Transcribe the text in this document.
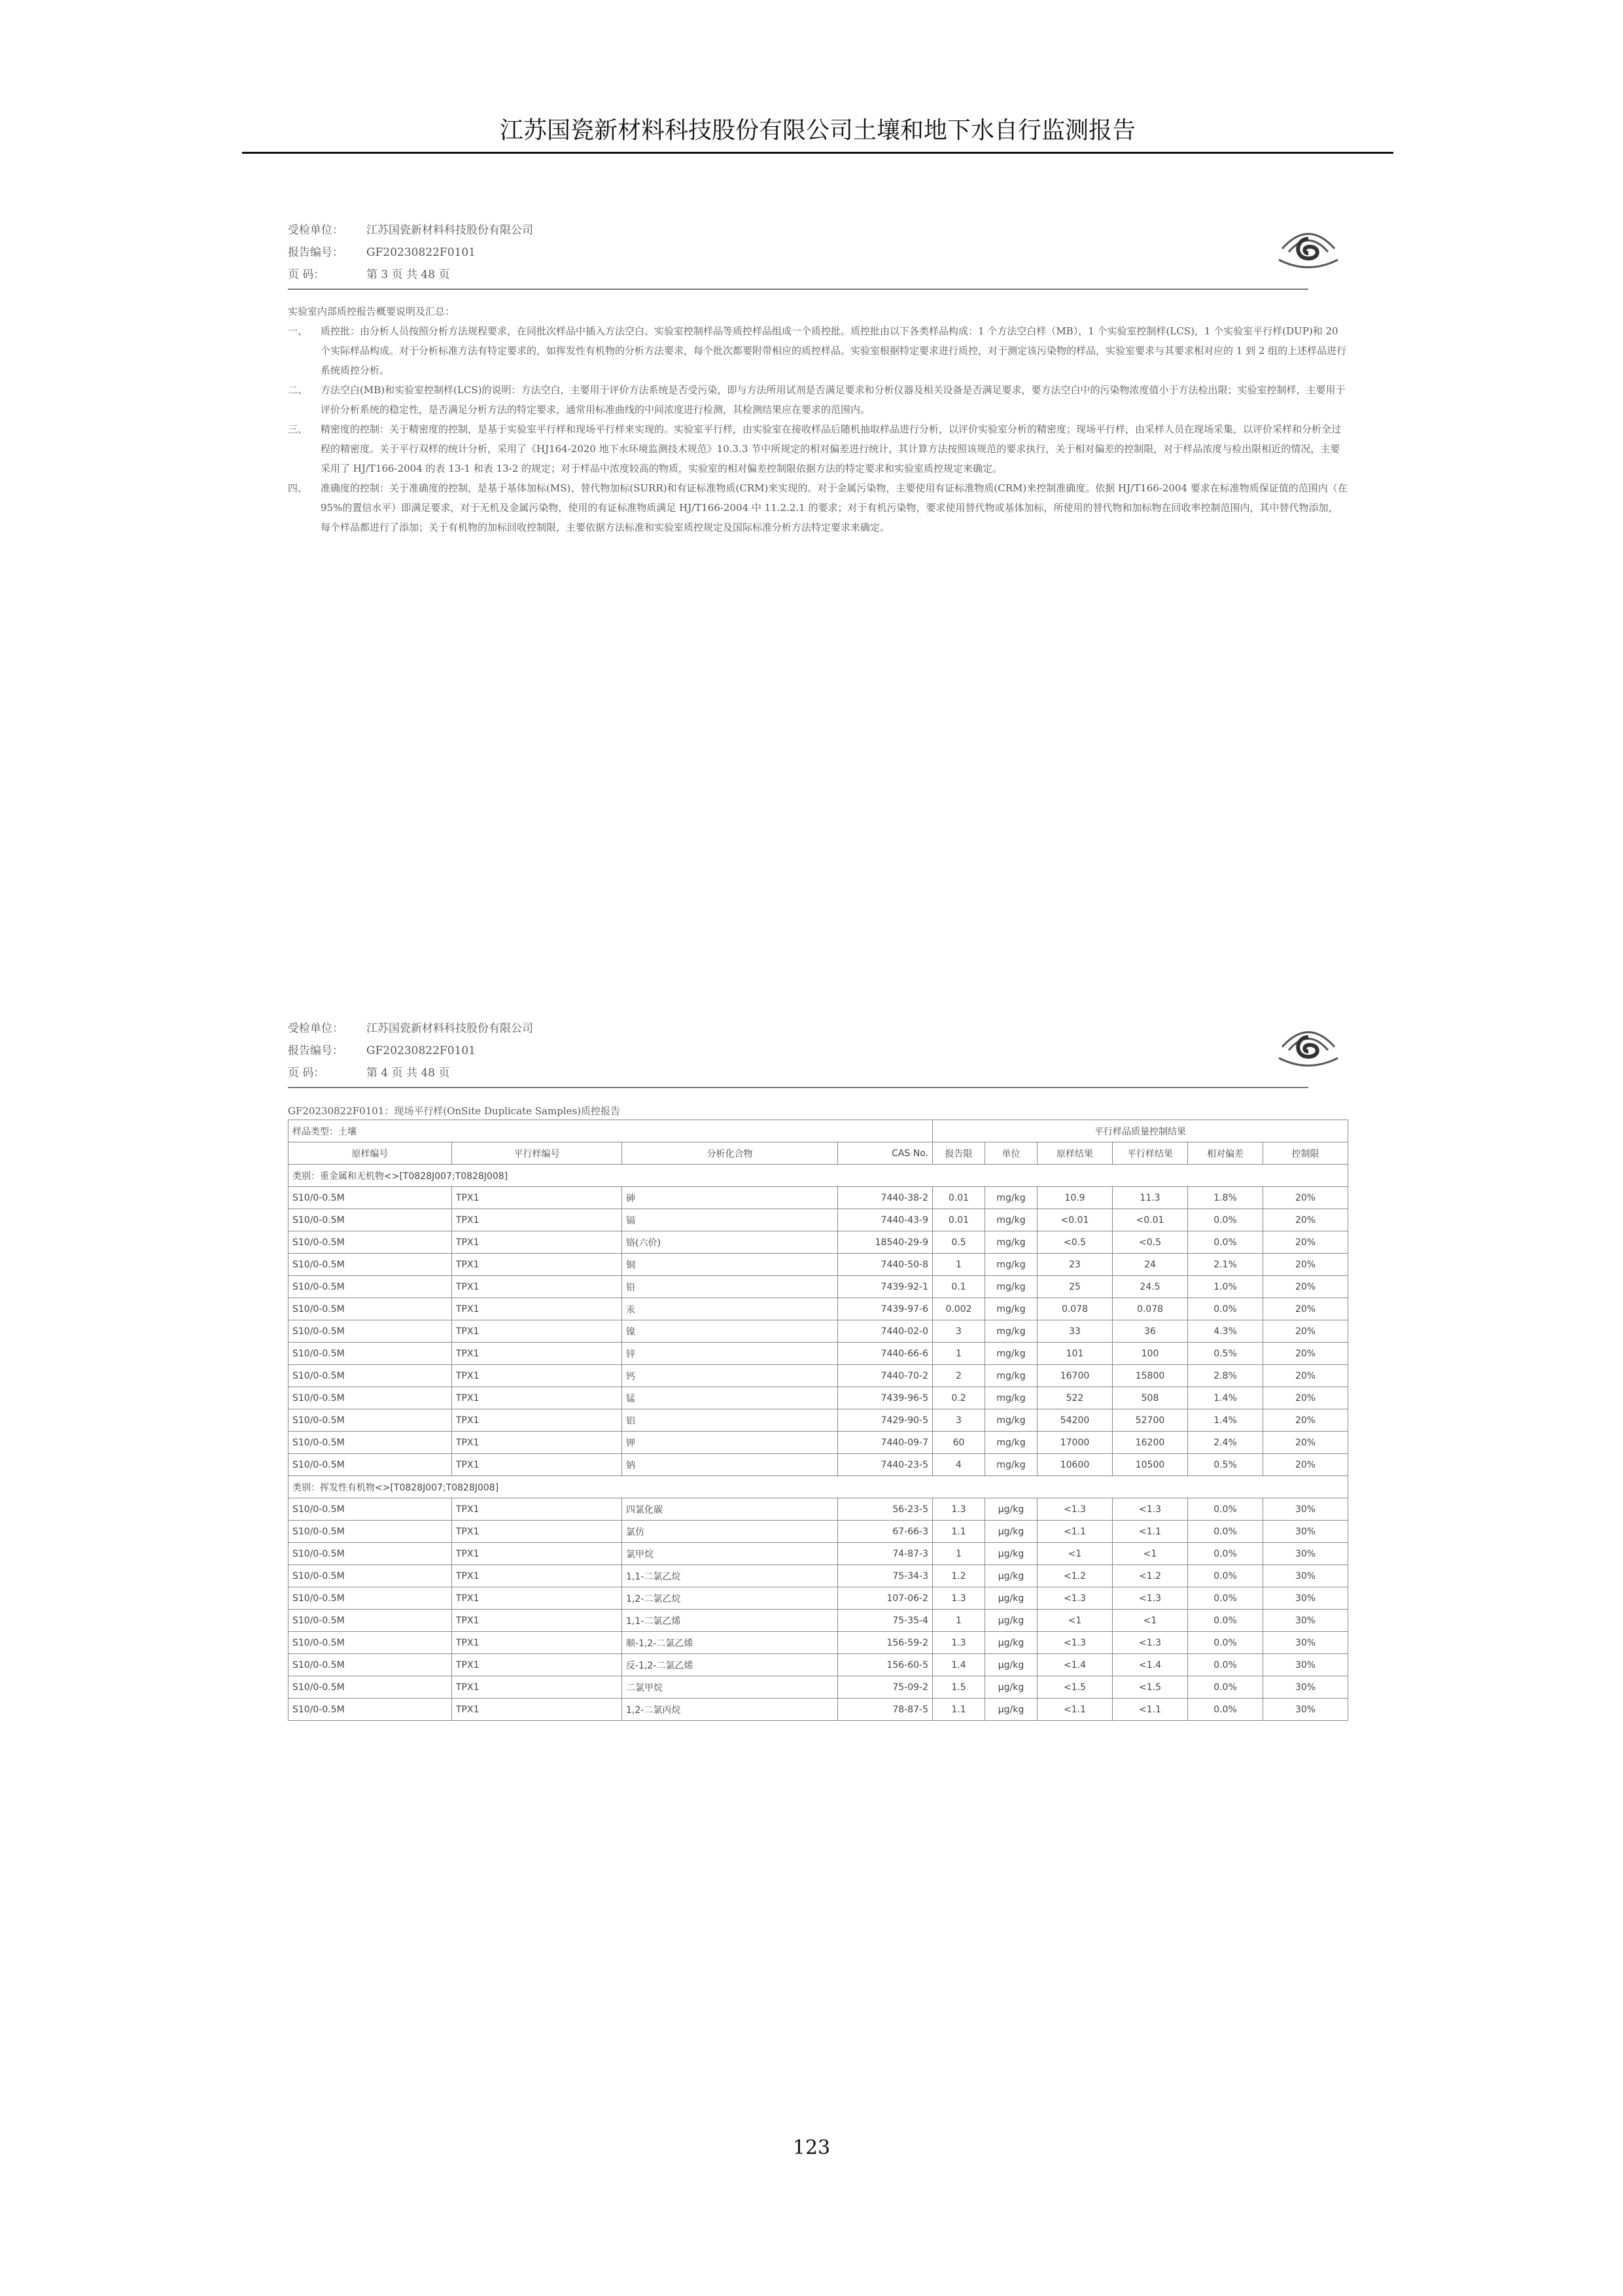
江苏国瓷新材料科技股份有限公司土壤和地下水自行监测报告
受检单位： 江苏国瓷新材料科技股份有限公司
报告编号： GF20230822F0101
页 码：	第 3 页 共 48 页
实验室内部质控报告概要说明及汇总：
一、	质控批：由分析人员按照分析方法规程要求，在同批次样品中插入方法空白、实验室控制样品等质控样品组成一个质控批。质控批由以下各类样品构成：1 个方法空白样（MB），1 个实验室控制样(LCS)，1 个实验室平行样(DUP)和 20 个实际样品构成。对于分析标准方法有特定要求的，如挥发性有机物的分析方法要求，每个批次都要附带相应的质控样品。实验室根据特定要求进行质控，对于测定该污染物的样品，实验室要求与其要求相对应的 1 到 2 组的上述样品进行系统质控分析。
二、	方法空白(MB)和实验室控制样(LCS)的说明：方法空白，主要用于评价方法系统是否受污染，即与方法所用试剂是否满足要求和分析仪器及相关设备是否满足要求，要方法空白中的污染物浓度值小于方法检出限；实验室控制样，主要用于评价分析系统的稳定性，是否满足分析方法的特定要求，通常用标准曲线的中间浓度进行检测，其检测结果应在要求的范围内。
三、	精密度的控制：关于精密度的控制，是基于实验室平行样和现场平行样来实现的。实验室平行样，由实验室在接收样品后随机抽取样品进行分析，以评价实验室分析的精密度；现场平行样，由采样人员在现场采集，以评价采样和分析全过程的精密度。关于平行双样的统计分析，采用了《HJ164-2020 地下水环境监测技术规范》10.3.3 节中所规定的相对偏差进行统计，其计算方法按照该规范的要求执行，关于相对偏差的控制限，对于样品浓度与检出限相近的情况，主要采用了 HJ/T166-2004 的表 13-1 和表 13-2 的规定；对于样品中浓度较高的物质，实验室的相对偏差控制限依据方法的特定要求和实验室质控规定来确定。
四、	准确度的控制：关于准确度的控制，是基于基体加标(MS)、替代物加标(SURR)和有证标准物质(CRM)来实现的。对于金属污染物，主要使用有证标准物质(CRM)来控制准确度。依据 HJ/T166-2004 要求在标准物质保证值的范围内（在 95%的置信水平）即满足要求，对于无机及金属污染物，使用的有证标准物质满足 HJ/T166-2004 中 11.2.2.1 的要求；对于有机污染物，要求使用替代物或基体加标，所使用的替代物和加标物在回收率控制范围内，其中替代物添加，每个样品都进行了添加；关于有机物的加标回收控制限，主要依据方法标准和实验室质控规定及国际标准分析方法特定要求来确定。
受检单位： 江苏国瓷新材料科技股份有限公司
报告编号： GF20230822F0101
页 码：	第 4 页 共 48 页
GF20230822F0101：现场平行样(OnSite Duplicate Samples)质控报告
样品类型：土壤				平行样品质量控制结果					
原样编号	平行样编号	分析化合物	CAS No.	报告限	单位	原样结果	平行样结果	相对偏差	控制限
类别：重金属和无机物<>[T0828J007;T0828J008]									
S10/0-0.5M	TPX1	砷	7440-38-2	0.01	mg/kg	10.9	11.3	1.8%	20%
S10/0-0.5M	TPX1	镉	7440-43-9	0.01	mg/kg	<0.01	<0.01	0.0%	20%
S10/0-0.5M	TPX1	铬(六价)	18540-29-9	0.5	mg/kg	<0.5	<0.5	0.0%	20%
S10/0-0.5M	TPX1	铜	7440-50-8	1	mg/kg	23	24	2.1%	20%
S10/0-0.5M	TPX1	铅	7439-92-1	0.1	mg/kg	25	24.5	1.0%	20%
S10/0-0.5M	TPX1	汞	7439-97-6	0.002	mg/kg	0.078	0.078	0.0%	20%
S10/0-0.5M	TPX1	镍	7440-02-0	3	mg/kg	33	36	4.3%	20%
S10/0-0.5M	TPX1	锌	7440-66-6	1	mg/kg	101	100	0.5%	20%
S10/0-0.5M	TPX1	钙	7440-70-2	2	mg/kg	16700	15800	2.8%	20%
S10/0-0.5M	TPX1	锰	7439-96-5	0.2	mg/kg	522	508	1.4%	20%
S10/0-0.5M	TPX1	铝	7429-90-5	3	mg/kg	54200	52700	1.4%	20%
S10/0-0.5M	TPX1	钾	7440-09-7	60	mg/kg	17000	16200	2.4%	20%
S10/0-0.5M	TPX1	钠	7440-23-5	4	mg/kg	10600	10500	0.5%	20%
类别：挥发性有机物<>[T0828J007;T0828J008]									
S10/0-0.5M	TPX1	四氯化碳	56-23-5	1.3	μg/kg	<1.3	<1.3	0.0%	30%
S10/0-0.5M	TPX1	氯仿	67-66-3	1.1	μg/kg	<1.1	<1.1	0.0%	30%
S10/0-0.5M	TPX1	氯甲烷	74-87-3	1	μg/kg	<1	<1	0.0%	30%
S10/0-0.5M	TPX1	1,1-二氯乙烷	75-34-3	1.2	μg/kg	<1.2	<1.2	0.0%	30%
S10/0-0.5M	TPX1	1,2-二氯乙烷	107-06-2	1.3	μg/kg	<1.3	<1.3	0.0%	30%
S10/0-0.5M	TPX1	1,1-二氯乙烯	75-35-4	1	μg/kg	<1	<1	0.0%	30%
S10/0-0.5M	TPX1	顺-1,2-二氯乙烯	156-59-2	1.3	μg/kg	<1.3	<1.3	0.0%	30%
S10/0-0.5M	TPX1	反-1,2-二氯乙烯	156-60-5	1.4	μg/kg	<1.4	<1.4	0.0%	30%
S10/0-0.5M	TPX1	二氯甲烷	75-09-2	1.5	μg/kg	<1.5	<1.5	0.0%	30%
S10/0-0.5M	TPX1	1,2-二氯丙烷	78-87-5	1.1	μg/kg	<1.1	<1.1	0.0%	30%
123
